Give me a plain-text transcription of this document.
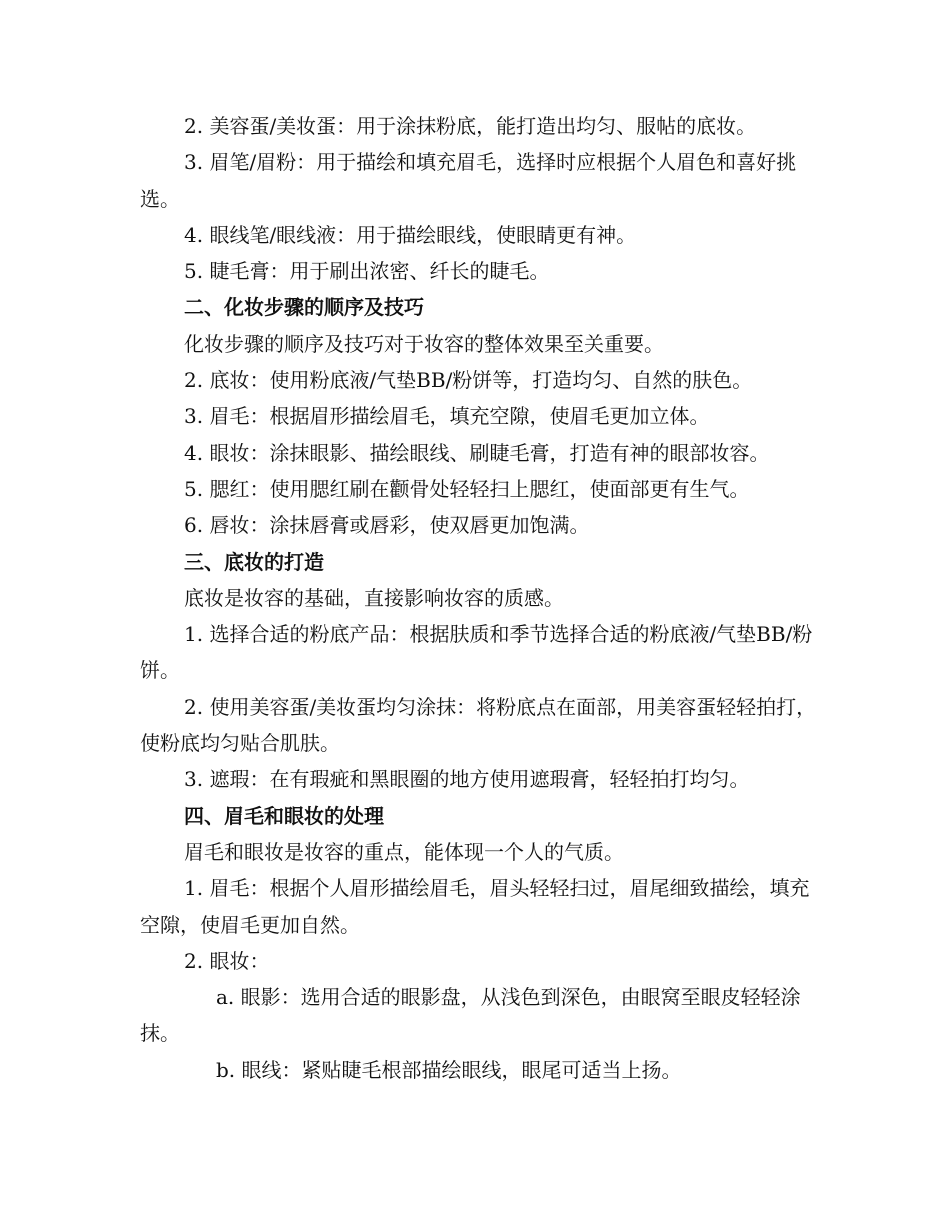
2. 美容蛋/美妆蛋：用于涂抹粉底，能打造出均匀、服帖的底妆。

3. 眉笔/眉粉：用于描绘和填充眉毛，选择时应根据个人眉色和喜好挑选。

4. 眼线笔/眼线液：用于描绘眼线，使眼睛更有神。

5. 睫毛膏：用于刷出浓密、纤长的睫毛。

二、化妆步骤的顺序及技巧

化妆步骤的顺序及技巧对于妆容的整体效果至关重要。

2. 底妆：使用粉底液/气垫BB/粉饼等，打造均匀、自然的肤色。

3. 眉毛：根据眉形描绘眉毛，填充空隙，使眉毛更加立体。

4. 眼妆：涂抹眼影、描绘眼线、刷睫毛膏，打造有神的眼部妆容。

5. 腮红：使用腮红刷在颧骨处轻轻扫上腮红，使面部更有生气。

6. 唇妆：涂抹唇膏或唇彩，使双唇更加饱满。

三、底妆的打造

底妆是妆容的基础，直接影响妆容的质感。

1. 选择合适的粉底产品：根据肤质和季节选择合适的粉底液/气垫BB/粉饼。

2. 使用美容蛋/美妆蛋均匀涂抹：将粉底点在面部，用美容蛋轻轻拍打，使粉底均匀贴合肌肤。

3. 遮瑕：在有瑕疵和黑眼圈的地方使用遮瑕膏，轻轻拍打均匀。

四、眉毛和眼妆的处理

眉毛和眼妆是妆容的重点，能体现一个人的气质。

1. 眉毛：根据个人眉形描绘眉毛，眉头轻轻扫过，眉尾细致描绘，填充空隙，使眉毛更加自然。

2. 眼妆：

a. 眼影：选用合适的眼影盘，从浅色到深色，由眼窝至眼皮轻轻涂抹。

b. 眼线：紧贴睫毛根部描绘眼线，眼尾可适当上扬。
